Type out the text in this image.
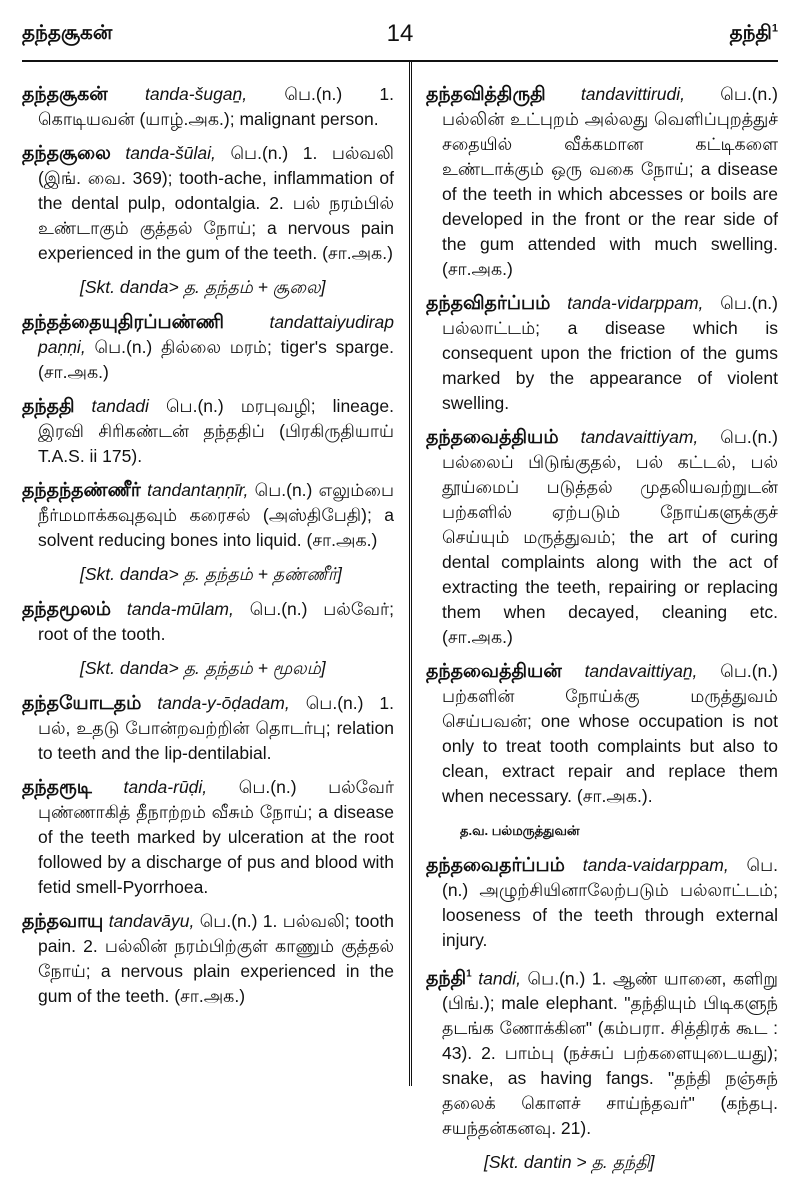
தந்தசூகன்	14	தந்தி$^1$
தந்தசூகன் tanda-šugaṉ, பெ.(n.) 1. கொடியவன் (யாழ்.அக.); malignant person.
தந்தசூலை tanda-šūlai, பெ.(n.) 1. பல்வலி (இங். வை. 369); tooth-ache, inflammation of the dental pulp, odontalgia. 2. பல் நரம்பில் உண்டாகும் குத்தல் நோய்; a nervous pain experienced in the gum of the teeth. (சா.அக.)
[Skt. danda> த. தந்தம் + சூலை]
தந்தத்தையுதிரப்பண்ணி	tandattaiyudirap paṇṇi, பெ.(n.) தில்லை மரம்; tiger's sparge. (சா.அக.)
தந்ததி tandadi பெ.(n.) மரபுவழி; lineage. இரவி சிரிகண்டன் தந்ததிப் (பிரகிருதியாய் T.A.S. ii 175).
தந்தந்தண்ணீர் tandantaṇṇīr, பெ.(n.) எலும்பை நீர்மமாக்கவுதவும் கரைசல் (அஸ்திபேதி); a solvent reducing bones into liquid. (சா.அக.)
[Skt. danda> த. தந்தம் + தண்ணீர்]
தந்தமூலம் tanda-mūlam, பெ.(n.) பல்வேர்; root of the tooth.
[Skt. danda> த. தந்தம் + மூலம்]
தந்தயோடதம் tanda-y-ōḍadam, பெ.(n.) 1. பல், உதடு போன்றவற்றின் தொடர்பு; relation to teeth and the lip-dentilabial.
தந்தரூடி tanda-rūḍi, பெ.(n.) பல்வேர் புண்ணாகித் தீநாற்றம் வீசும் நோய்; a disease of the teeth marked by ulceration at the root followed by a discharge of pus and blood with fetid smell-Pyorrhoea.
தந்தவாயு tandavāyu, பெ.(n.) 1. பல்வலி; tooth pain. 2. பல்லின் நரம்பிற்குள் காணும் குத்தல் நோய்; a nervous plain experienced in the gum of the teeth. (சா.அக.)
தந்தவித்திருதி tandavittirudi, பெ.(n.) பல்லின் உட்புறம் அல்லது வெளிப்புறத்துச் சதையில் வீக்கமான கட்டிகளை உண்டாக்கும் ஒரு வகை நோய்; a disease of the teeth in which abcesses or boils are developed in the front or the rear side of the gum attended with much swelling. (சா.அக.)
தந்தவிதர்ப்பம் tanda-vidarppam, பெ.(n.) பல்லாட்டம்; a disease which is consequent upon the friction of the gums marked by the appearance of violent swelling.
தந்தவைத்தியம் tandavaittiyam, பெ.(n.) பல்லைப் பிடுங்குதல், பல் கட்டல், பல் தூய்மைப் படுத்தல் முதலியவற்றுடன் பற்களில் ஏற்படும் நோய்களுக்குச் செய்யும் மருத்துவம்; the art of curing dental complaints along with the act of extracting the teeth, repairing or replacing them when decayed, cleaning etc. (சா.அக.)
தந்தவைத்தியன் tandavaittiyaṉ, பெ.(n.) பற்களின் நோய்க்கு மருத்துவம் செய்பவன்; one whose occupation is not only to treat tooth complaints but also to clean, extract repair and replace them when necessary. (சா.அக.).
த.வ. பல்மருத்துவன்
தந்தவைதர்ப்பம் tanda-vaidarppam, பெ.(n.) அழுற்சியினாலேற்படும் பல்லாட்டம்; looseness of the teeth through external injury.
தந்தி$^1$ tandi, பெ.(n.) 1. ஆண் யானை, களிறு (பிங்.); male elephant. "தந்தியும் பிடிகளுந் தடங்க ணோக்கின" (கம்பரா. சித்திரக் கூட : 43). 2. பாம்பு (நச்சுப் பற்களையுடையது); snake, as having fangs. "தந்தி நஞ்சுந் தலைக் கொளச் சாய்ந்தவர்" (கந்தபு. சயந்தன்கனவு. 21).
[Skt. dantin > த. தந்தி]
